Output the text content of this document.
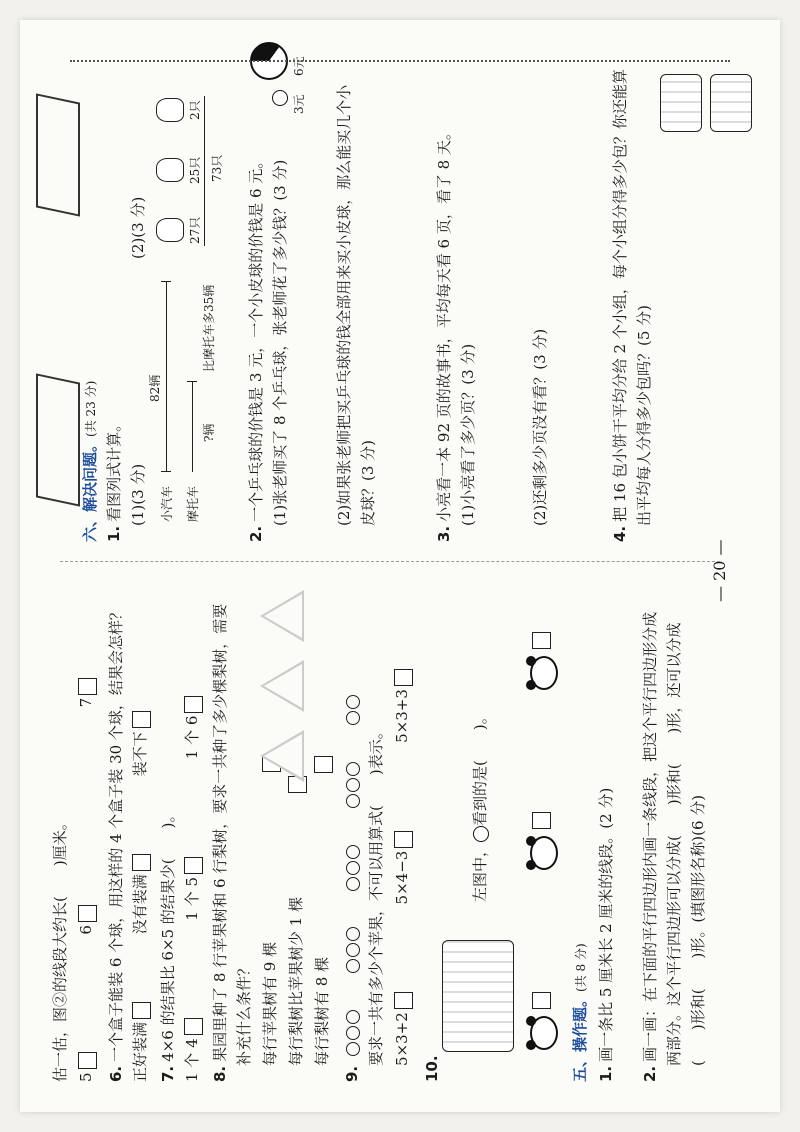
估一估，图②的线段大约长(　　)厘米。 5 6 7
6.一个盒子能装 6 个球，用这样的 4 个盒子装 30 个球，结果会怎样？ 正好装满 没有装满 装不下
7.4×6 的结果比 6×5 的结果少(　　)。 1 个 4 1 个 5 1 个 6
8.果园里种了 8 行苹果树和 6 行梨树，要求一共种了多少棵梨树，需要 补充什么条件？ 每行苹果树有 9 棵 每行梨树比苹果树少 1 棵 每行梨树有 8 棵
9.
要求一共有多少个苹果，不可以用算式(　　)表示。 5×3+2 5×4−3 5×3+3
10.
左图中，看到的是(　　)。
五、操作题。(共 8 分)
1.画一条比 5 厘米长 2 厘米的线段。(2 分)
2.画一画：在下面的平行四边形内画一条线段，把这个平行四边形分成 两部分。这个平行四边形可以分成(　　)形和(　　)形，还可以分成 (　　)形和(　　)形。(填图形名称)(6 分)
— 20 —
六、解决问题。(共 23 分)
1.看图列式计算。 (1)(3 分) (2)(3 分)
小汽车 摩托车
82辆
比摩托车多35辆
?辆
27只
25只
2只
73只
2.一个乒乓球的价钱是 3 元，一个小皮球的价钱是 6 元。 (1)张老师买了 8 个乒乓球，张老师花了多少钱？(3 分)
3元
6元
(2)如果张老师把买乒乓球的钱全部用来买小皮球，那么能买几个小 皮球？(3 分)
3.小亮看一本 92 页的故事书，平均每天看 6 页，看了 8 天。 (1)小亮看了多少页？(3 分)	(2)还剩多少页没有看？(3 分)
4.把 16 包小饼干平均分给 2 个小组，每个小组分得多少包？你还能算 出平均每人分得多少包吗？(5 分)
